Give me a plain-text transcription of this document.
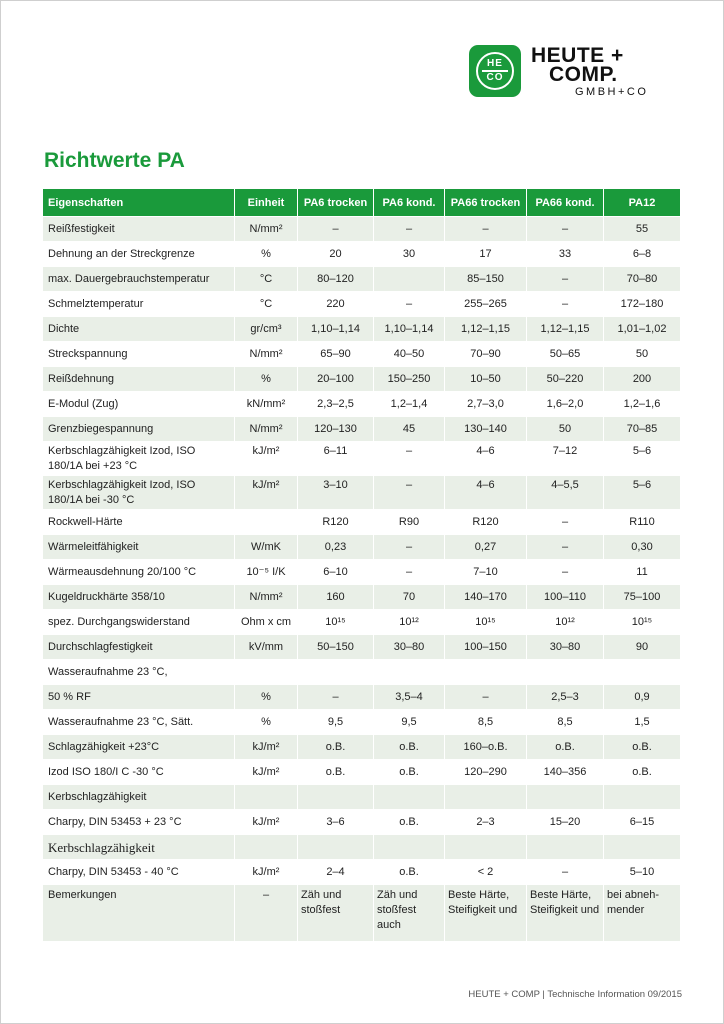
HE
CO
HEUTE +
COMP.
GMBH+CO
Richtwerte PA
Eigenschaften	Einheit	PA6 trocken	PA6 kond.	PA66 trocken	PA66 kond.	PA12
Reißfestigkeit	N/mm²	–	–	–	–	55
Dehnung an der Streckgrenze	%	20	30	17	33	6–8
max. Dauergebrauchstemperatur	°C	80–120		85–150	–	70–80
Schmelztemperatur	°C	220	–	255–265	–	172–180
Dichte	gr/cm³	1,10–1,14	1,10–1,14	1,12–1,15	1,12–1,15	1,01–1,02
Streckspannung	N/mm²	65–90	40–50	70–90	50–65	50
Reißdehnung	%	20–100	150–250	10–50	50–220	200
E-Modul (Zug)	kN/mm²	2,3–2,5	1,2–1,4	2,7–3,0	1,6–2,0	1,2–1,6
Grenzbiegespannung	N/mm²	120–130	45	130–140	50	70–85
Kerbschlagzähigkeit Izod, ISO 180/1A bei +23 °C	kJ/m²	6–11	–	4–6	7–12	5–6
Kerbschlagzähigkeit Izod, ISO 180/1A bei -30 °C	kJ/m²	3–10	–	4–6	4–5,5	5–6
Rockwell-Härte		R120	R90	R120	–	R110
Wärmeleitfähigkeit	W/mK	0,23	–	0,27	–	0,30
Wärmeausdehnung 20/100 °C	10⁻⁵ I/K	6–10	–	7–10	–	11
Kugeldruckhärte 358/10	N/mm²	160	70	140–170	100–110	75–100
spez. Durchgangswiderstand	Ohm x cm	10¹⁵	10¹²	10¹⁵	10¹²	10¹⁵
Durchschlagfestigkeit	kV/mm	50–150	30–80	100–150	30–80	90
Wasseraufnahme 23 °C,						
50 % RF	%	–	3,5–4	–	2,5–3	0,9
Wasseraufnahme 23 °C, Sätt.	%	9,5	9,5	8,5	8,5	1,5
Schlagzähigkeit +23°C	kJ/m²	o.B.	o.B.	160–o.B.	o.B.	o.B.
Izod ISO 180/I C -30 °C	kJ/m²	o.B.	o.B.	120–290	140–356	o.B.
Kerbschlagzähigkeit						
Charpy, DIN 53453 + 23 °C	kJ/m²	3–6	o.B.	2–3	15–20	6–15
Kerbschlagzähigkeit						
Charpy, DIN 53453 - 40 °C	kJ/m²	2–4	o.B.	< 2	–	5–10
Bemerkungen	–	Zäh und stoßfest	Zäh und stoßfest auch	Beste Härte, Steifigkeit und	Beste Härte, Steifigkeit und	bei abneh-mender
HEUTE + COMP | Technische Information 09/2015
